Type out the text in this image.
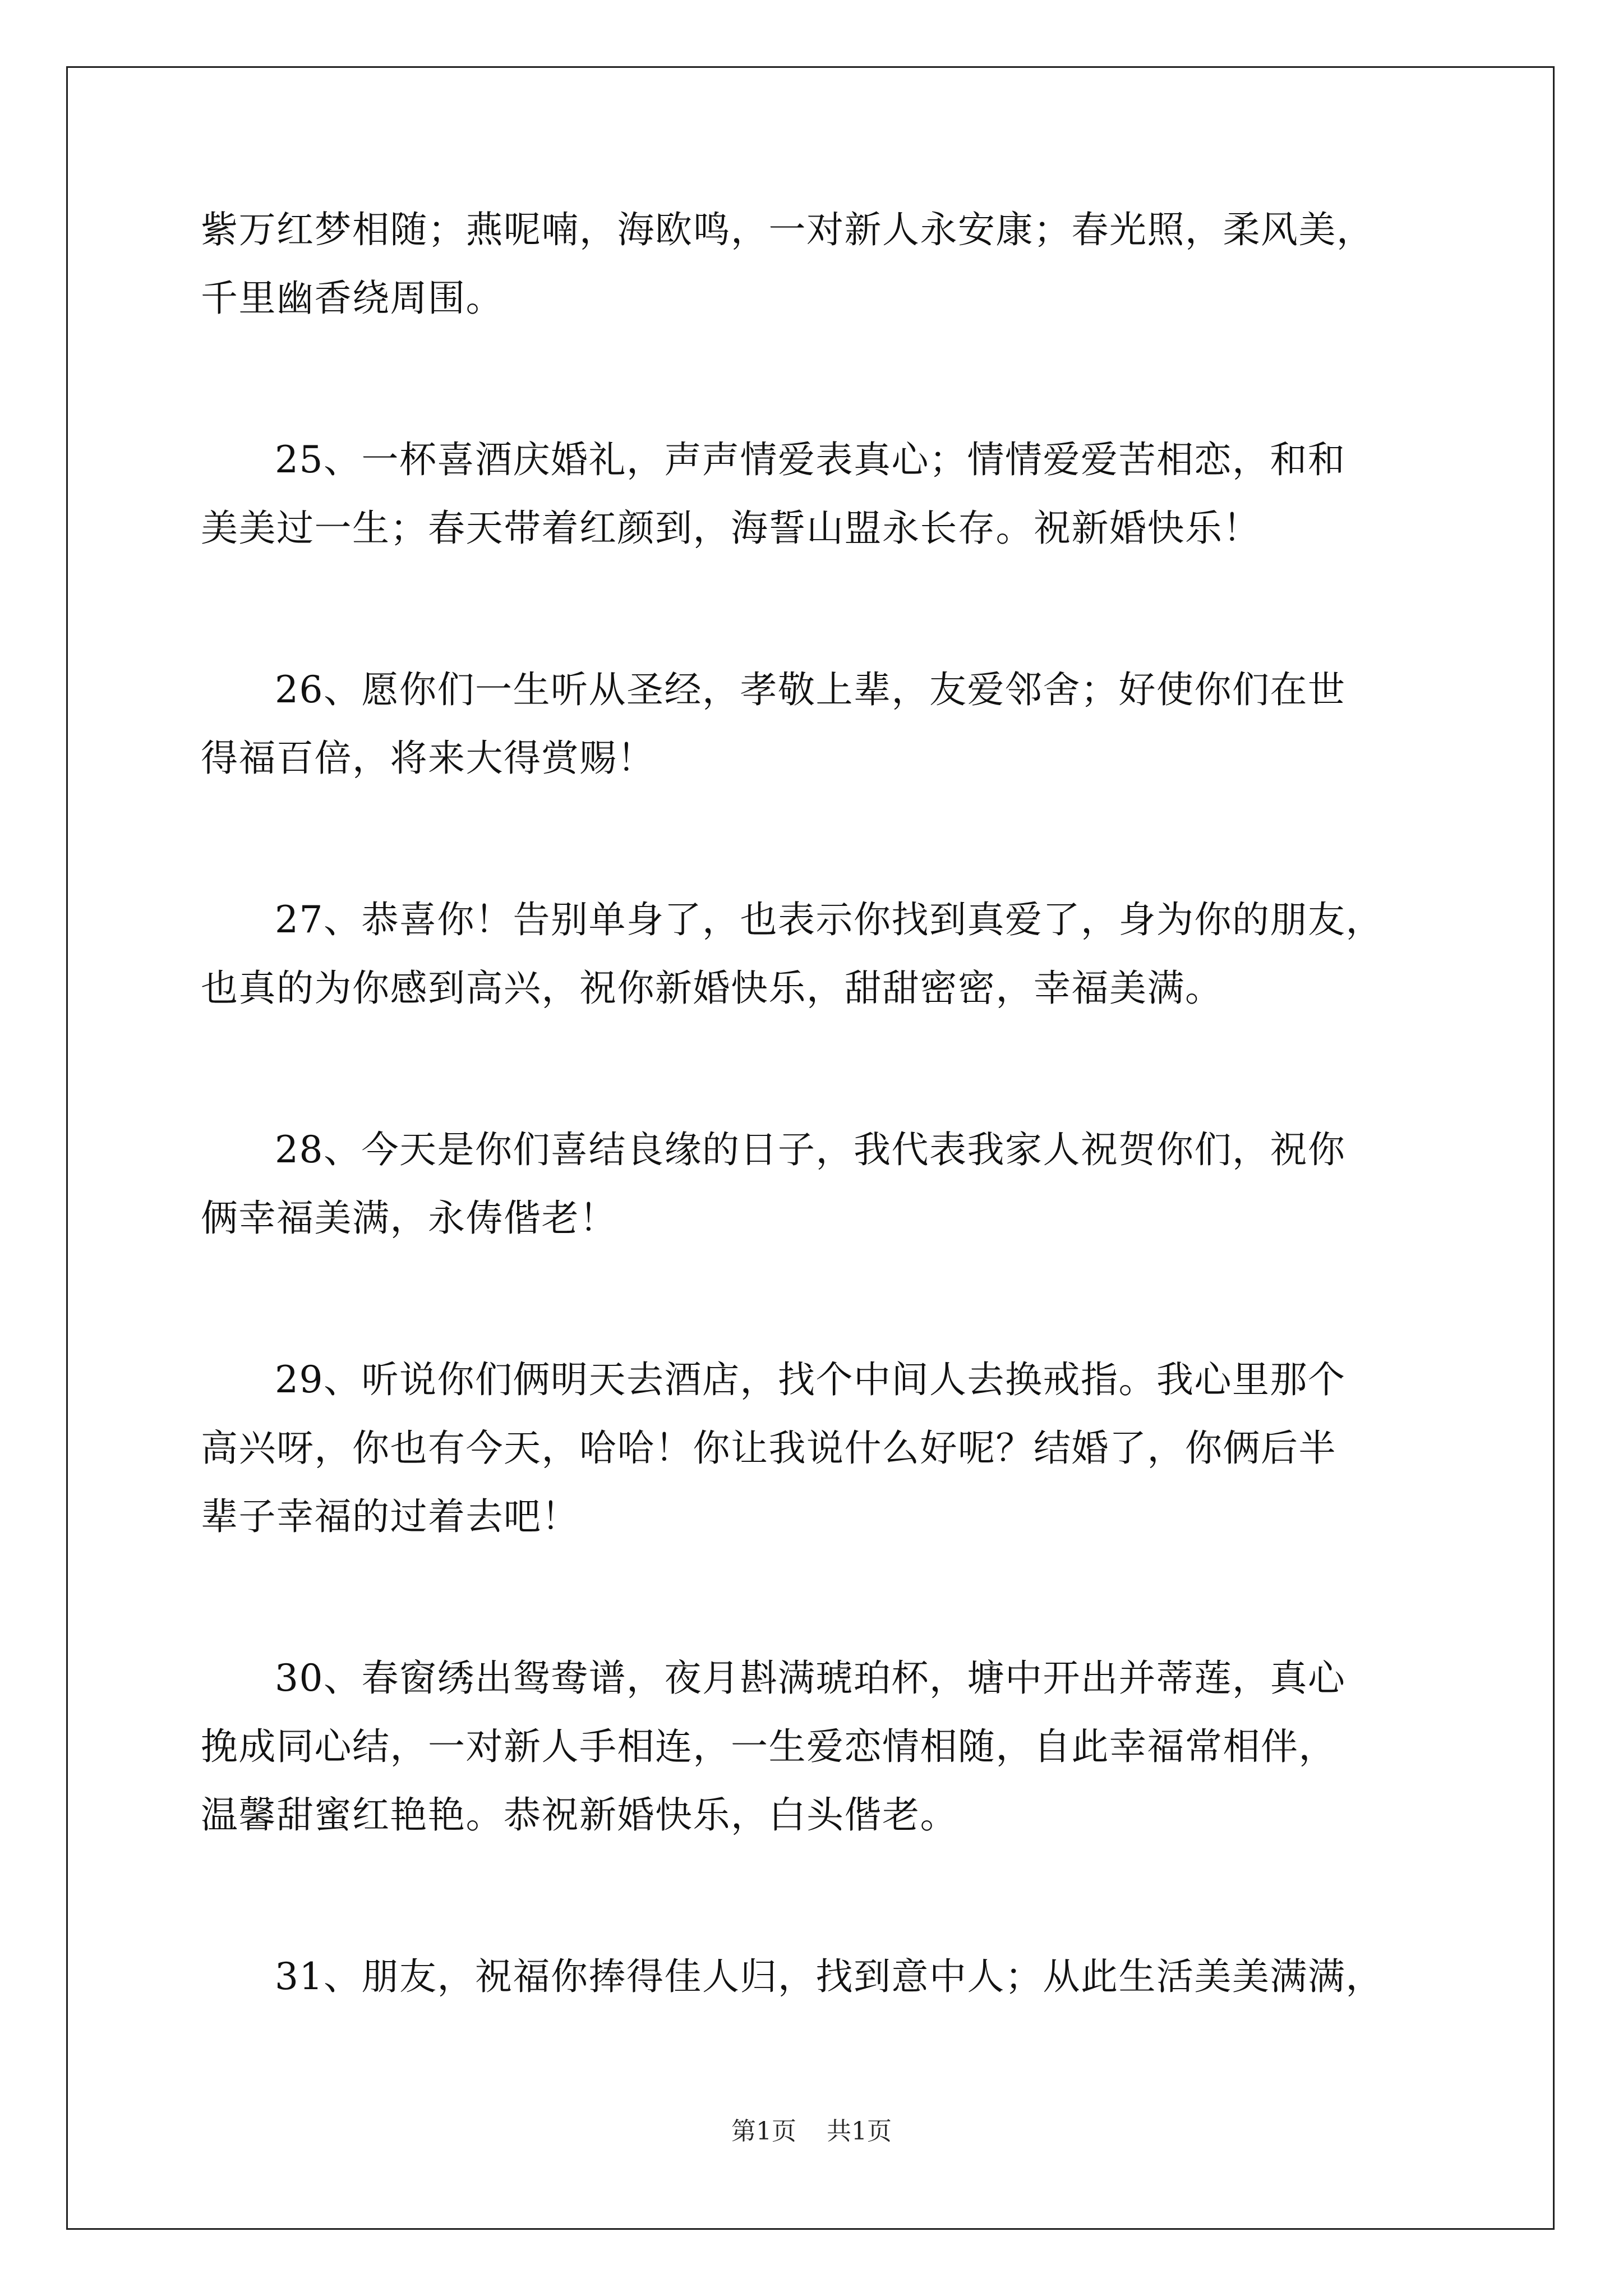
紫万红梦相随；燕呢喃，海欧鸣，一对新人永安康；春光照，柔风美，
千里幽香绕周围。
25、一杯喜酒庆婚礼，声声情爱表真心；情情爱爱苦相恋，和和
美美过一生；春天带着红颜到，海誓山盟永长存。祝新婚快乐！
26、愿你们一生听从圣经，孝敬上辈，友爱邻舍；好使你们在世
得福百倍，将来大得赏赐！
27、恭喜你！告别单身了，也表示你找到真爱了，身为你的朋友，
也真的为你感到高兴，祝你新婚快乐，甜甜密密，幸福美满。
28、今天是你们喜结良缘的日子，我代表我家人祝贺你们，祝你
俩幸福美满，永俦偕老！
29、听说你们俩明天去酒店，找个中间人去换戒指。我心里那个
高兴呀，你也有今天，哈哈！你让我说什么好呢？结婚了，你俩后半
辈子幸福的过着去吧！
30、春窗绣出鸳鸯谱，夜月斟满琥珀杯，塘中开出并蒂莲，真心
挽成同心结，一对新人手相连，一生爱恋情相随，自此幸福常相伴，
温馨甜蜜红艳艳。恭祝新婚快乐，白头偕老。
31、朋友，祝福你捧得佳人归，找到意中人；从此生活美美满满，
第1页 共1页
